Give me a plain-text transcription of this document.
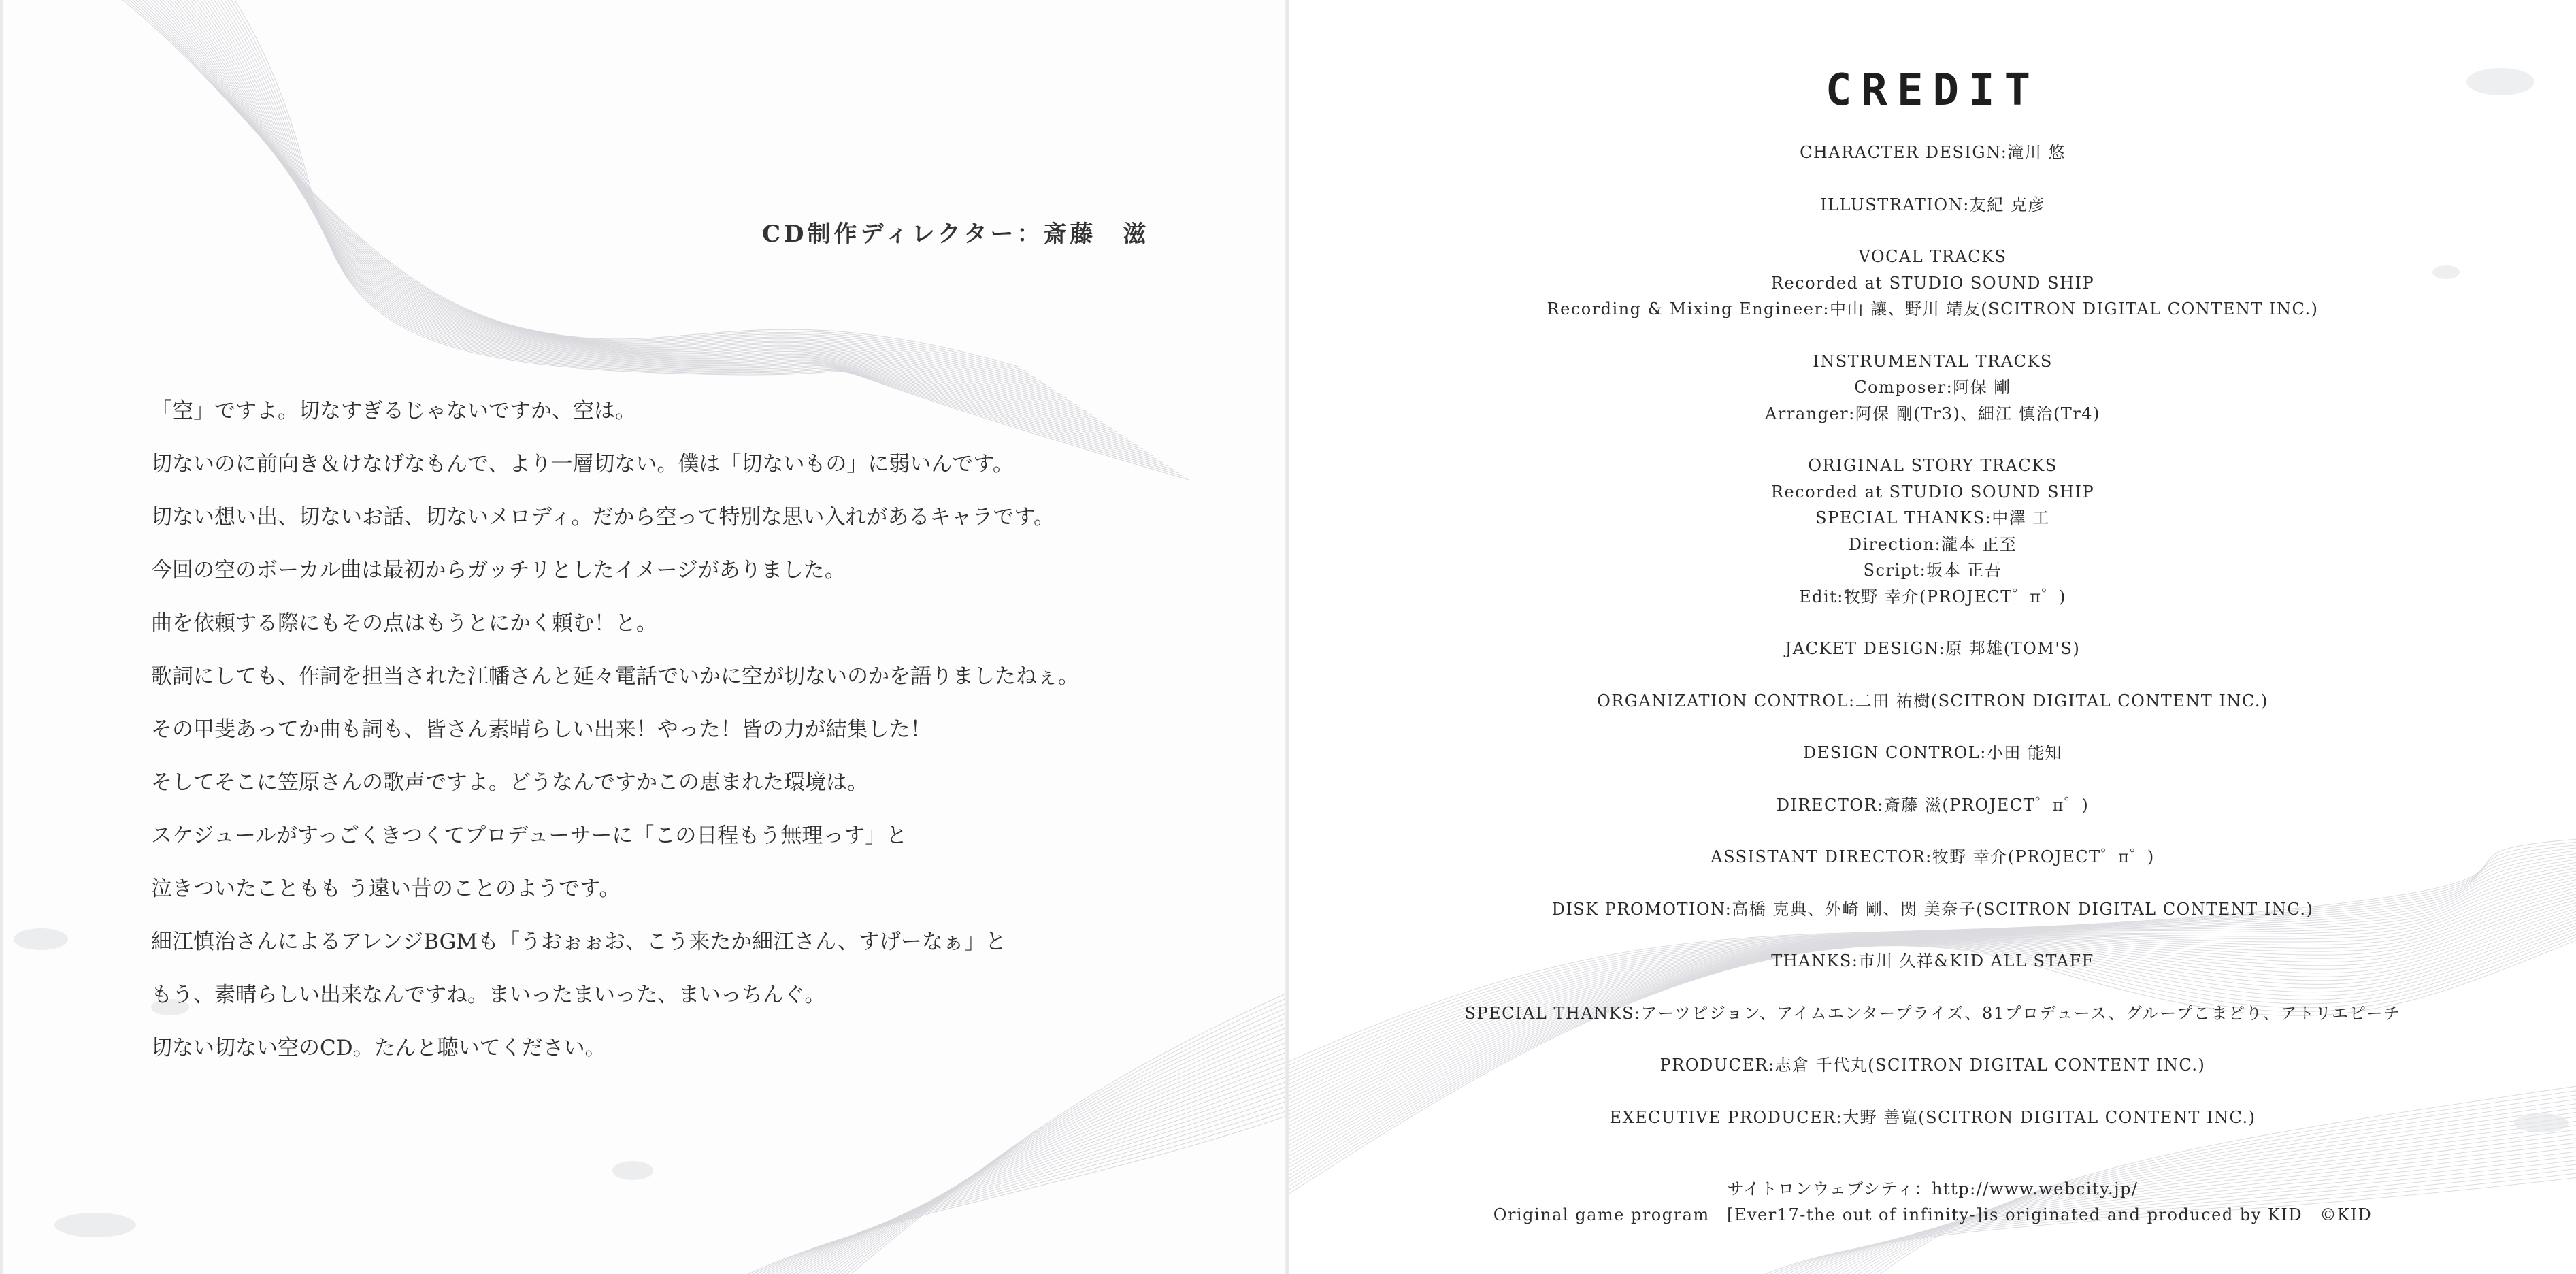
CD制作ディレクター：斎藤　滋
「空」ですよ。切なすぎるじゃないですか、空は。
切ないのに前向き＆けなげなもんで、より一層切ない。僕は「切ないもの」に弱いんです。
切ない想い出、切ないお話、切ないメロディ。だから空って特別な思い入れがあるキャラです。
今回の空のボーカル曲は最初からガッチリとしたイメージがありました。
曲を依頼する際にもその点はもうとにかく頼む！と。
歌詞にしても、作詞を担当された江幡さんと延々電話でいかに空が切ないのかを語りましたねぇ。
その甲斐あってか曲も詞も、皆さん素晴らしい出来！やった！皆の力が結集した！
そしてそこに笠原さんの歌声ですよ。どうなんですかこの恵まれた環境は。
スケジュールがすっごくきつくてプロデューサーに「この日程もう無理っす」と
泣きついたこともも う遠い昔のことのようです。
細江慎治さんによるアレンジBGMも「うおぉぉお、こう来たか細江さん、すげーなぁ」と
もう、素晴らしい出来なんですね。まいったまいった、まいっちんぐ。
切ない切ない空のCD。たんと聴いてください。
CREDIT
CHARACTER DESIGN:滝川 悠
ILLUSTRATION:友紀 克彦
VOCAL TRACKS
Recorded at STUDIO SOUND SHIP
Recording & Mixing Engineer:中山 讓、野川 靖友(SCITRON DIGITAL CONTENT INC.)
INSTRUMENTAL TRACKS
Composer:阿保 剛
Arranger:阿保 剛(Tr3)、細江 慎治(Tr4)
ORIGINAL STORY TRACKS
Recorded at STUDIO SOUND SHIP
SPECIAL THANKS:中澤 工
Direction:瀧本 正至
Script:坂本 正吾
Edit:牧野 幸介(PROJECT゜π゜)
JACKET DESIGN:原 邦雄(TOM'S)
ORGANIZATION CONTROL:二田 祐樹(SCITRON DIGITAL CONTENT INC.)
DESIGN CONTROL:小田 能知
DIRECTOR:斎藤 滋(PROJECT゜π゜)
ASSISTANT DIRECTOR:牧野 幸介(PROJECT゜π゜)
DISK PROMOTION:高橋 克典、外崎 剛、関 美奈子(SCITRON DIGITAL CONTENT INC.)
THANKS:市川 久祥&KID ALL STAFF
SPECIAL THANKS:アーツビジョン、アイムエンタープライズ、81プロデュース、グループこまどり、アトリエピーチ
PRODUCER:志倉 千代丸(SCITRON DIGITAL CONTENT INC.)
EXECUTIVE PRODUCER:大野 善寛(SCITRON DIGITAL CONTENT INC.)
サイトロンウェブシティ：http://www.webcity.jp/
Original game program　[Ever17-the out of infinity-]is originated and produced by KID　©KID
